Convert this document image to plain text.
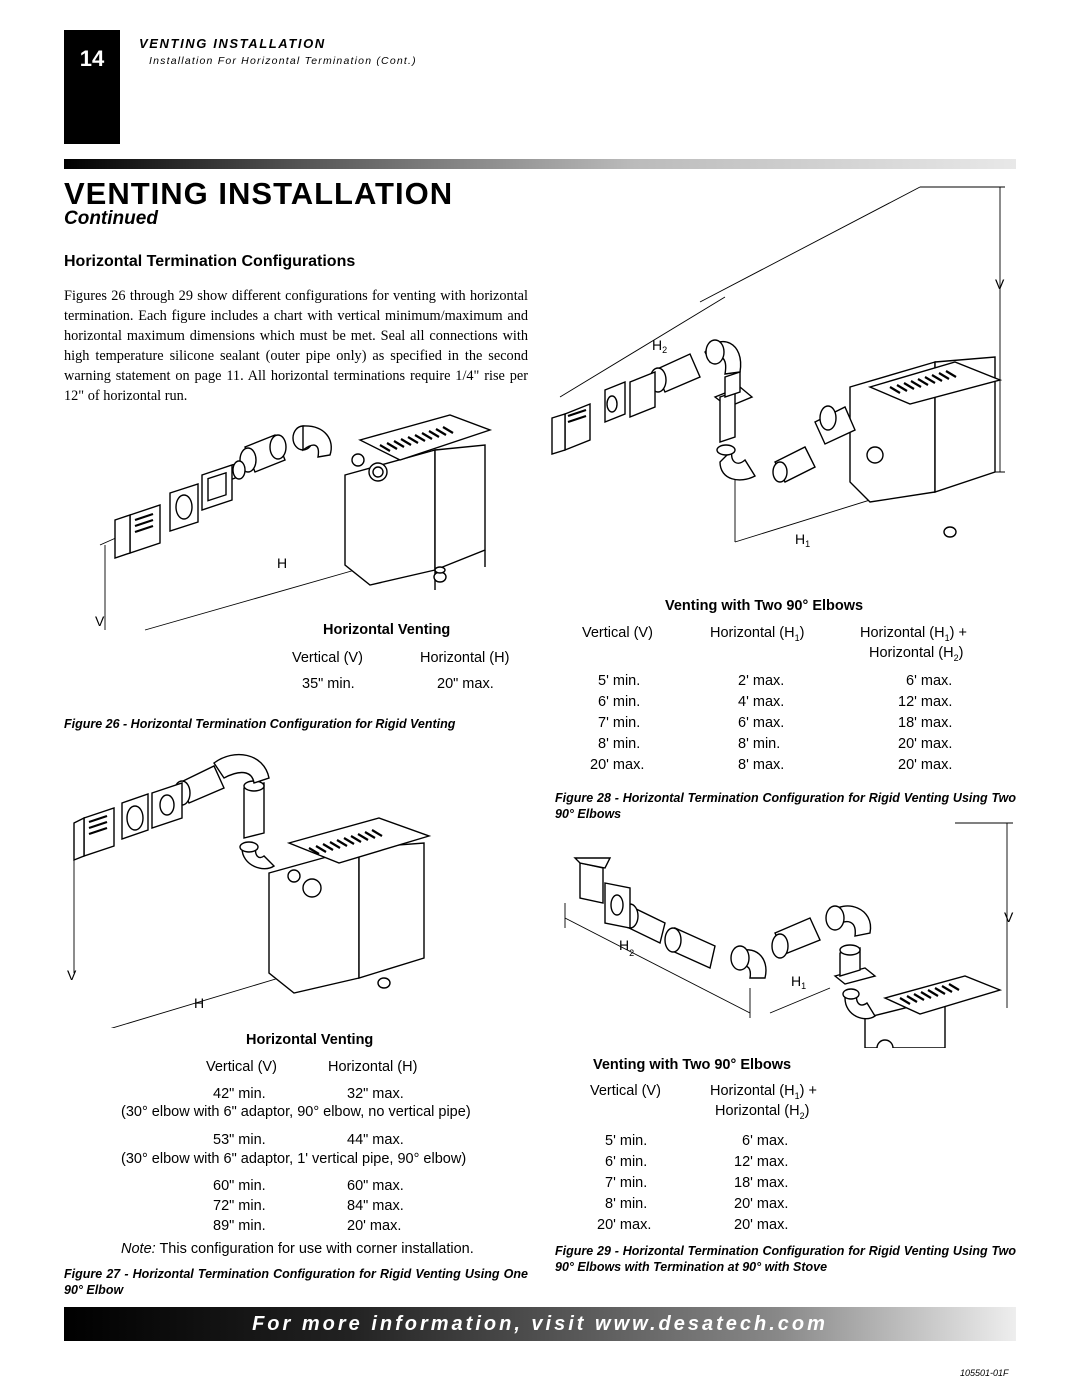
14
VENTING INSTALLATION
Installation For Horizontal Termination (Cont.)
VENTING INSTALLATION
Continued
Horizontal Termination Configurations
Figures 26 through 29 show different configurations for venting with horizontal termination. Each figure includes a chart with vertical minimum/maximum and horizontal maximum dimensions which must be met. Seal all connections with high temperature silicone sealant (outer pipe only) as specified in the second warning statement on page 11. All horizontal terminations require 1/4" rise per 12" of horizontal run.
V
H
Horizontal Venting
Vertical (V)	Horizontal (H)
35" min.	20" max.
Figure 26 - Horizontal Termination Configuration for Rigid Venting
V
H
Horizontal Venting
Vertical (V)	Horizontal (H)
42" min.	32" max.
(30° elbow with 6" adaptor, 90° elbow, no vertical pipe)
53" min.	44" max.
(30° elbow with 6" adaptor, 1' vertical pipe, 90° elbow)
60" min.	60" max.
72" min.	84" max.
89" min.	20' max.
Note: This configuration for use with corner installation.
Figure 27 - Horizontal Termination Configuration for Rigid Venting Using One 90° Elbow
V
$H_2$
$H_1$
Venting with Two 90° Elbows
Vertical (V)	Horizontal $(H_1)$	Horizontal $(H_1)$ +
Horizontal $(H_2)$
5' min.	2' max.	6' max.
6' min.	4' max.	12' max.
7' min.	6' max.	18' max.
8' min.	8' min.	20' max.
20' max.	8' max.	20' max.
Figure 28 - Horizontal Termination Configuration for Rigid Venting Using Two 90° Elbows
V
$H_2$
$H_1$
Venting with Two 90° Elbows
Vertical (V)	Horizontal $(H_1)$ +
Horizontal $(H_2)$
5' min.	6' max.
6' min.	12' max.
7' min.	18' max.
8' min.	20' max.
20' max.	20' max.
Figure 29 - Horizontal Termination Configuration for Rigid Venting Using Two 90° Elbows with Termination at 90° with Stove
For more information, visit www.desatech.com
105501-01F
